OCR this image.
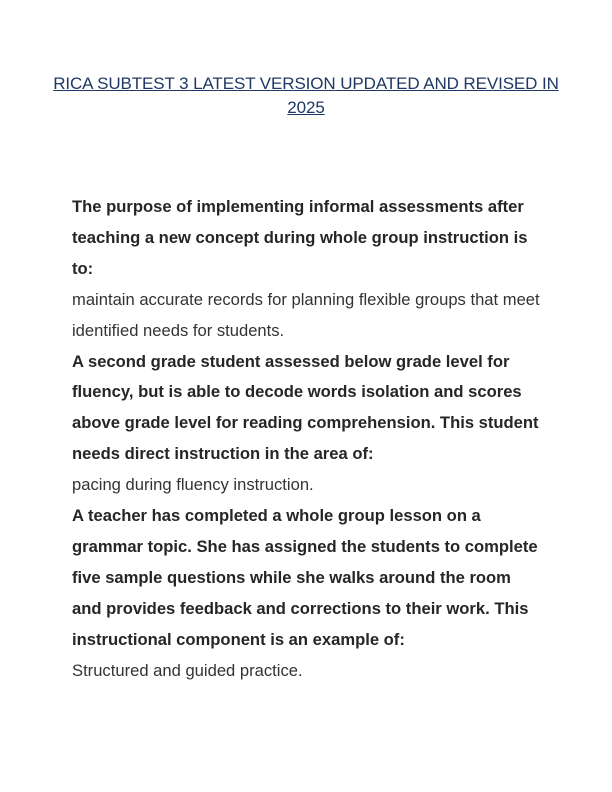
RICA SUBTEST 3 LATEST VERSION UPDATED AND REVISED IN 2025

The purpose of implementing informal assessments after teaching a new concept during whole group instruction is to:

maintain accurate records for planning flexible groups that meet identified needs for students.

A second grade student assessed below grade level for fluency, but is able to decode words isolation and scores above grade level for reading comprehension. This student needs direct instruction in the area of:

pacing during fluency instruction.

A teacher has completed a whole group lesson on a grammar topic. She has assigned the students to complete five sample questions while she walks around the room and provides feedback and corrections to their work. This instructional component is an example of:

Structured and guided practice.
